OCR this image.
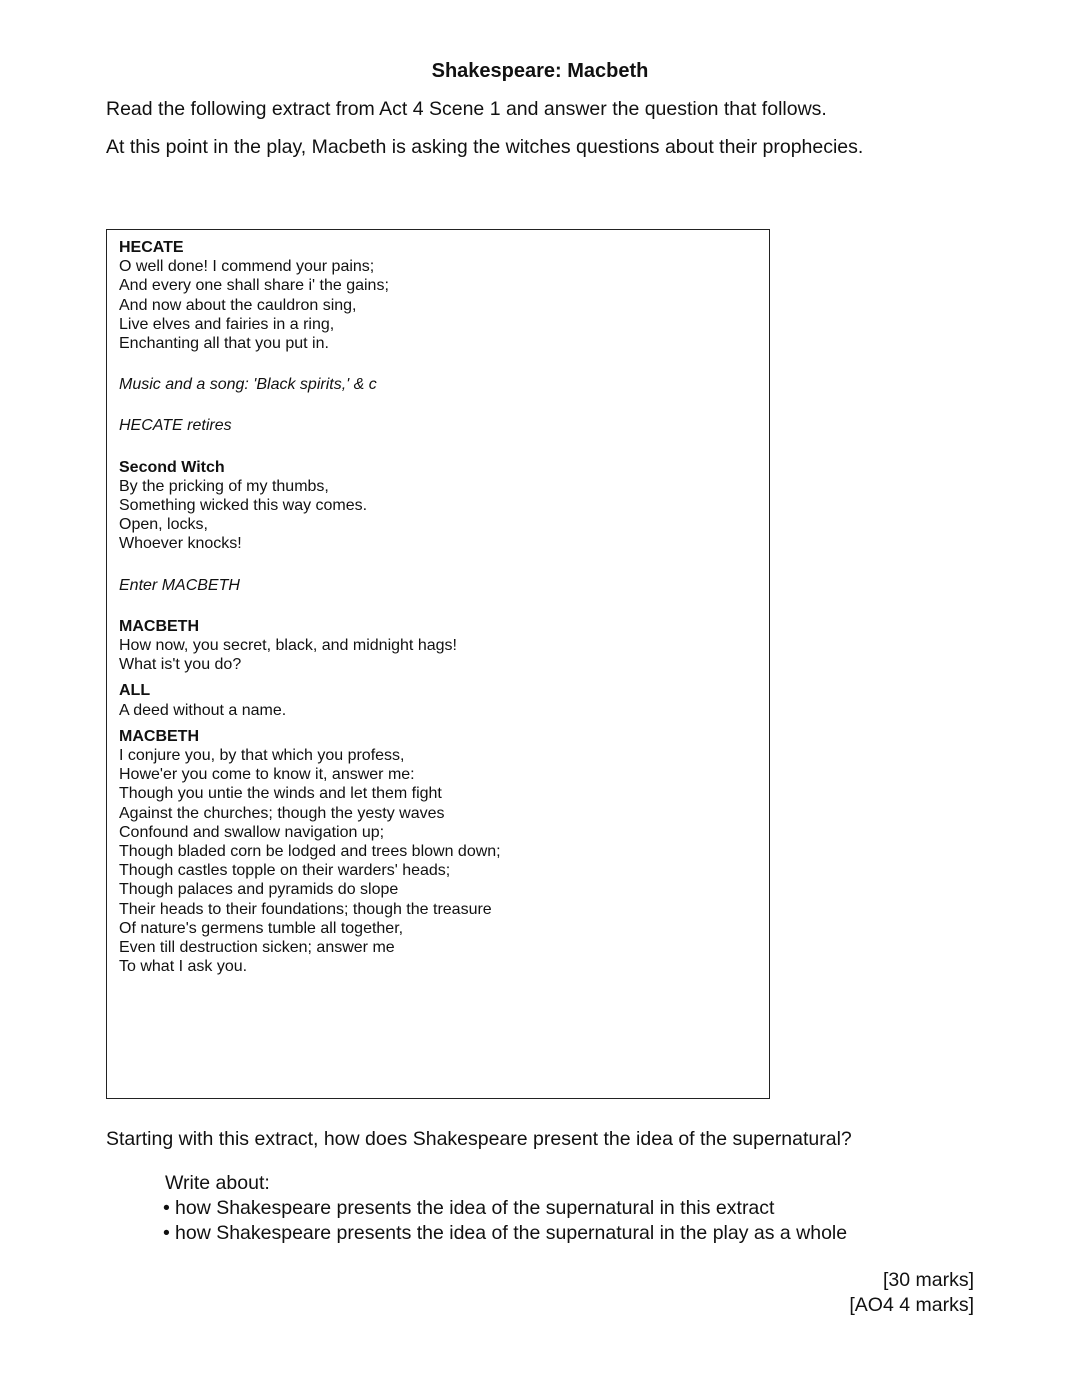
Shakespeare: Macbeth
Read the following extract from Act 4 Scene 1 and answer the question that follows.
At this point in the play, Macbeth is asking the witches questions about their prophecies.
HECATE
O well done! I commend your pains;
And every one shall share i' the gains;
And now about the cauldron sing,
Live elves and fairies in a ring,
Enchanting all that you put in.
Music and a song: 'Black spirits,' & c
HECATE retires
Second Witch
By the pricking of my thumbs,
Something wicked this way comes.
Open, locks,
Whoever knocks!
Enter MACBETH
MACBETH
How now, you secret, black, and midnight hags!
What is't you do?
ALL
A deed without a name.
MACBETH
I conjure you, by that which you profess,
Howe'er you come to know it, answer me:
Though you untie the winds and let them fight
Against the churches; though the yesty waves
Confound and swallow navigation up;
Though bladed corn be lodged and trees blown down;
Though castles topple on their warders' heads;
Though palaces and pyramids do slope
Their heads to their foundations; though the treasure
Of nature's germens tumble all together,
Even till destruction sicken; answer me
To what I ask you.
Starting with this extract, how does Shakespeare present the idea of the supernatural?
Write about:
• how Shakespeare presents the idea of the supernatural in this extract
• how Shakespeare presents the idea of the supernatural in the play as a whole
[30 marks]
[AO4 4 marks]
